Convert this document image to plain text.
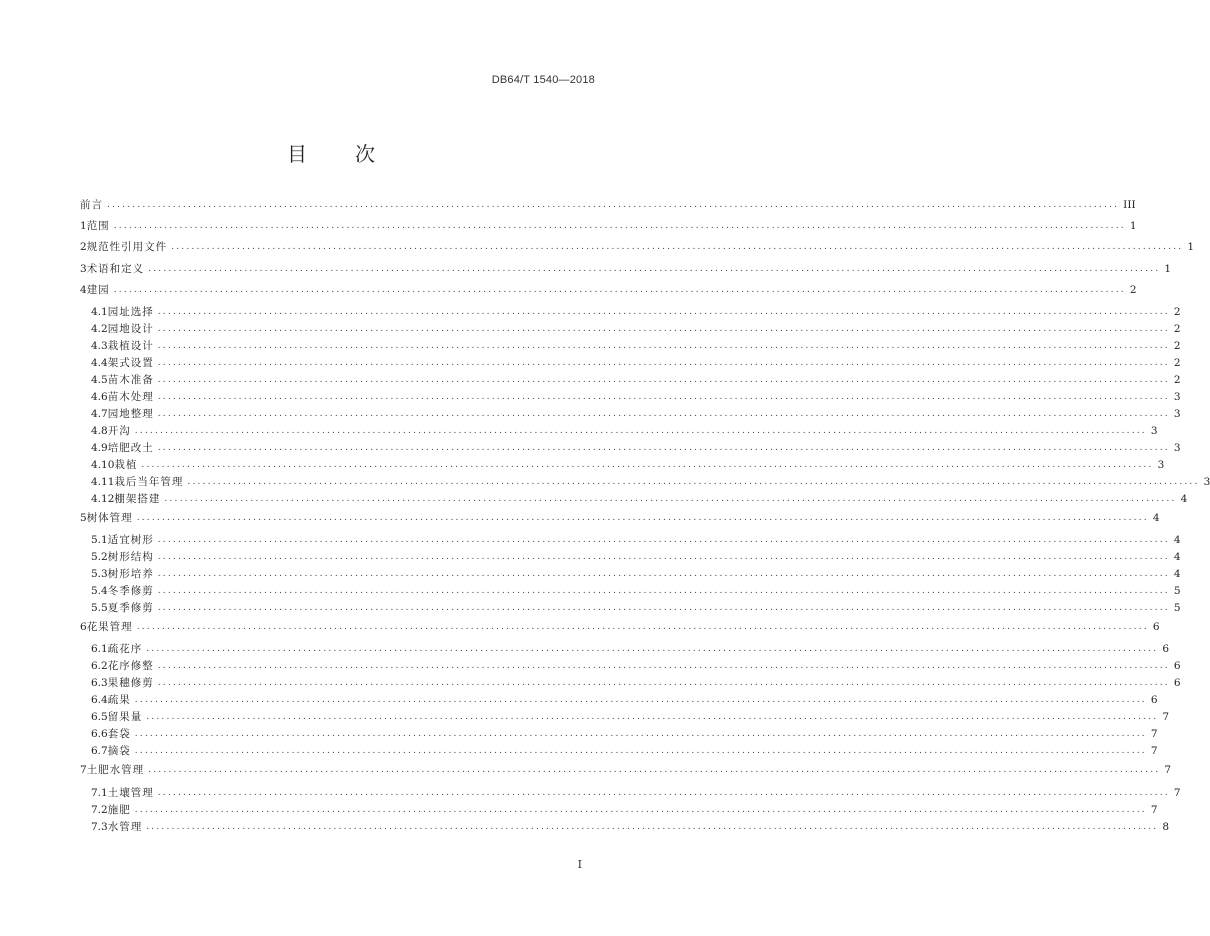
DB64/T 1540—2018
目　次
前言 ........................................................................................................................................................................................................ III
1 范围 ........................................................................................................................................................................................................ 1
2 规范性引用文件 ........................................................................................................................................................................................................ 1
3 术语和定义 ........................................................................................................................................................................................................ 1
4 建园 ........................................................................................................................................................................................................ 2
4.1 园址选择 ........................................................................................................................................................................................................ 2
4.2 园地设计 ........................................................................................................................................................................................................ 2
4.3 栽植设计 ........................................................................................................................................................................................................ 2
4.4 架式设置 ........................................................................................................................................................................................................ 2
4.5 苗木准备 ........................................................................................................................................................................................................ 2
4.6 苗木处理 ........................................................................................................................................................................................................ 3
4.7 园地整理 ........................................................................................................................................................................................................ 3
4.8 开沟 ........................................................................................................................................................................................................ 3
4.9 培肥改土 ........................................................................................................................................................................................................ 3
4.10 栽植 ........................................................................................................................................................................................................ 3
4.11 栽后当年管理 ........................................................................................................................................................................................................ 3
4.12 棚架搭建 ........................................................................................................................................................................................................ 4
5 树体管理 ........................................................................................................................................................................................................ 4
5.1 适宜树形 ........................................................................................................................................................................................................ 4
5.2 树形结构 ........................................................................................................................................................................................................ 4
5.3 树形培养 ........................................................................................................................................................................................................ 4
5.4 冬季修剪 ........................................................................................................................................................................................................ 5
5.5 夏季修剪 ........................................................................................................................................................................................................ 5
6 花果管理 ........................................................................................................................................................................................................ 6
6.1 疏花序 ........................................................................................................................................................................................................ 6
6.2 花序修整 ........................................................................................................................................................................................................ 6
6.3 果穗修剪 ........................................................................................................................................................................................................ 6
6.4 疏果 ........................................................................................................................................................................................................ 6
6.5 留果量 ........................................................................................................................................................................................................ 7
6.6 套袋 ........................................................................................................................................................................................................ 7
6.7 摘袋 ........................................................................................................................................................................................................ 7
7 土肥水管理 ........................................................................................................................................................................................................ 7
7.1 土壤管理 ........................................................................................................................................................................................................ 7
7.2 施肥 ........................................................................................................................................................................................................ 7
7.3 水管理 ........................................................................................................................................................................................................ 8
I
